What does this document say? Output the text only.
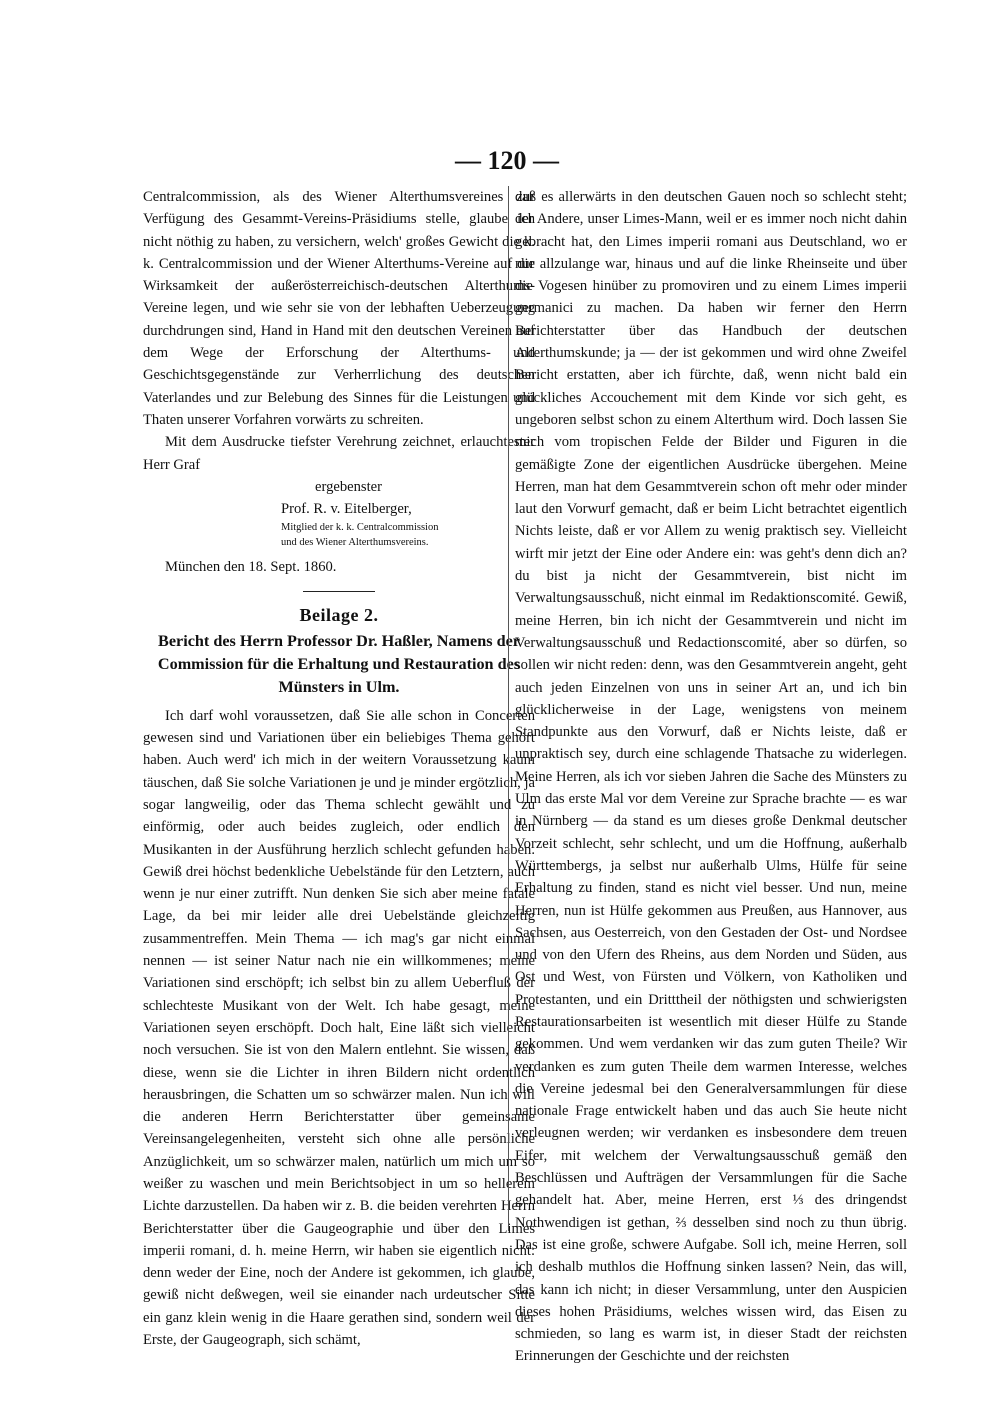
— 120 —

Centralcommission, als des Wiener Alterthumsvereines zur Verfügung des Gesammt-Vereins-Präsidiums stelle, glaube ich nicht nöthig zu haben, zu versichern, welch' großes Gewicht die k. k. Centralcommission und der Wiener Alterthums-Vereine auf die Wirksamkeit der außerösterreichisch-deutschen Alterthums-Vereine legen, und wie sehr sie von der lebhaften Ueberzeugung durchdrungen sind, Hand in Hand mit den deutschen Vereinen auf dem Wege der Erforschung der Alterthums- und Geschichtsgegenstände zur Verherrlichung des deutschen Vaterlandes und zur Belebung des Sinnes für die Leistungen und Thaten unserer Vorfahren vorwärts zu schreiten.

Mit dem Ausdrucke tiefster Verehrung zeichnet, erlauchtester Herr Graf

ergebenster
Prof. R. v. Eitelberger,
Mitglied der k. k. Centralcommission
und des Wiener Alterthumsvereins.

München den 18. Sept. 1860.

Beilage 2.
Bericht des Herrn Professor Dr. Haßler, Namens der Commission für die Erhaltung und Restauration des Münsters in Ulm.

Ich darf wohl voraussetzen, daß Sie alle schon in Concerten gewesen sind und Variationen über ein beliebiges Thema gehört haben. Auch werd' ich mich in der weitern Voraussetzung kaum täuschen, daß Sie solche Variationen je und je minder ergötzlich, ja sogar langweilig, oder das Thema schlecht gewählt und zu einförmig, oder auch beides zugleich, oder endlich den Musikanten in der Ausführung herzlich schlecht gefunden haben. Gewiß drei höchst bedenkliche Uebelstände für den Letztern, auch wenn je nur einer zutrifft. Nun denken Sie sich aber meine fatale Lage, da bei mir leider alle drei Uebelstände gleichzeitig zusammentreffen. Mein Thema — ich mag's gar nicht einmal nennen — ist seiner Natur nach nie ein willkommenes; meine Variationen sind erschöpft; ich selbst bin zu allem Ueberfluß der schlechteste Musikant von der Welt. Ich habe gesagt, meine Variationen seyen erschöpft. Doch halt, Eine läßt sich vielleicht noch versuchen. Sie ist von den Malern entlehnt. Sie wissen, daß diese, wenn sie die Lichter in ihren Bildern nicht ordentlich herausbringen, die Schatten um so schwärzer malen. Nun ich will die anderen Herrn Berichterstatter über gemeinsame Vereinsangelegenheiten, versteht sich ohne alle persönliche Anzüglichkeit, um so schwärzer malen, natürlich um mich um so weißer zu waschen und mein Berichtsobject in um so hellerem Lichte darzustellen. Da haben wir z. B. die beiden verehrten Herrn Berichterstatter über die Gaugeographie und über den Limes imperii romani, d. h. meine Herrn, wir haben sie eigentlich nicht: denn weder der Eine, noch der Andere ist gekommen, ich glaube, gewiß nicht deßwegen, weil sie einander nach urdeutscher Sitte ein ganz klein wenig in die Haare gerathen sind, sondern weil der Erste, der Gaugeograph, sich schämt,

daß es allerwärts in den deutschen Gauen noch so schlecht steht; der Andere, unser Limes-Mann, weil er es immer noch nicht dahin gebracht hat, den Limes imperii romani aus Deutschland, wo er nur allzulange war, hinaus und auf die linke Rheinseite und über die Vogesen hinüber zu promoviren und zu einem Limes imperii germanici zu machen. Da haben wir ferner den Herrn Berichterstatter über das Handbuch der deutschen Alterthumskunde; ja — der ist gekommen und wird ohne Zweifel Bericht erstatten, aber ich fürchte, daß, wenn nicht bald ein glückliches Accouchement mit dem Kinde vor sich geht, es ungeboren selbst schon zu einem Alterthum wird. Doch lassen Sie mich vom tropischen Felde der Bilder und Figuren in die gemäßigte Zone der eigentlichen Ausdrücke übergehen. Meine Herren, man hat dem Gesammtverein schon oft mehr oder minder laut den Vorwurf gemacht, daß er beim Licht betrachtet eigentlich Nichts leiste, daß er vor Allem zu wenig praktisch sey. Vielleicht wirft mir jetzt der Eine oder Andere ein: was geht's denn dich an? du bist ja nicht der Gesammtverein, bist nicht im Verwaltungsausschuß, nicht einmal im Redaktionscomité. Gewiß, meine Herren, bin ich nicht der Gesammtverein und nicht im Verwaltungsausschuß und Redactionscomité, aber so dürfen, so sollen wir nicht reden: denn, was den Gesammtverein angeht, geht auch jeden Einzelnen von uns in seiner Art an, und ich bin glücklicherweise in der Lage, wenigstens von meinem Standpunkte aus den Vorwurf, daß er Nichts leiste, daß er unpraktisch sey, durch eine schlagende Thatsache zu widerlegen. Meine Herren, als ich vor sieben Jahren die Sache des Münsters zu Ulm das erste Mal vor dem Vereine zur Sprache brachte — es war in Nürnberg — da stand es um dieses große Denkmal deutscher Vorzeit schlecht, sehr schlecht, und um die Hoffnung, außerhalb Württembergs, ja selbst nur außerhalb Ulms, Hülfe für seine Erhaltung zu finden, stand es nicht viel besser. Und nun, meine Herren, nun ist Hülfe gekommen aus Preußen, aus Hannover, aus Sachsen, aus Oesterreich, von den Gestaden der Ost- und Nordsee und von den Ufern des Rheins, aus dem Norden und Süden, aus Ost und West, von Fürsten und Völkern, von Katholiken und Protestanten, und ein Dritttheil der nöthigsten und schwierigsten Restaurationsarbeiten ist wesentlich mit dieser Hülfe zu Stande gekommen. Und wem verdanken wir das zum guten Theile? Wir verdanken es zum guten Theile dem warmen Interesse, welches die Vereine jedesmal bei den Generalversammlungen für diese nationale Frage entwickelt haben und das auch Sie heute nicht verleugnen werden; wir verdanken es insbesondere dem treuen Eifer, mit welchem der Verwaltungsausschuß gemäß den Beschlüssen und Aufträgen der Versammlungen für die Sache gehandelt hat. Aber, meine Herren, erst ⅓ des dringendst Nothwendigen ist gethan, ⅔ desselben sind noch zu thun übrig. Das ist eine große, schwere Aufgabe. Soll ich, meine Herren, soll ich deshalb muthlos die Hoffnung sinken lassen? Nein, das will, das kann ich nicht; in dieser Versammlung, unter den Auspicien dieses hohen Präsidiums, welches wissen wird, das Eisen zu schmieden, so lang es warm ist, in dieser Stadt der reichsten Erinnerungen der Geschichte und der reichsten
